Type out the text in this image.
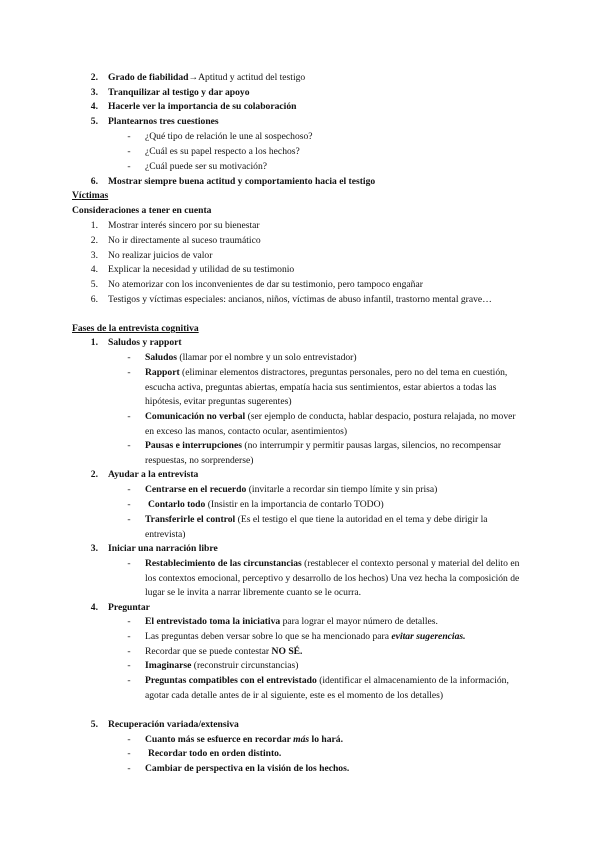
2. Grado de fiabilidad→Aptitud y actitud del testigo
3. Tranquilizar al testigo y dar apoyo
4. Hacerle ver la importancia de su colaboración
5. Plantearnos tres cuestiones
-	¿Qué tipo de relación le une al sospechoso?
-	¿Cuál es su papel respecto a los hechos?
-	¿Cuál puede ser su motivación?
6. Mostrar siempre buena actitud y comportamiento hacia el testigo
Víctimas
Consideraciones a tener en cuenta
1. Mostrar interés sincero por su bienestar
2. No ir directamente al suceso traumático
3. No realizar juicios de valor
4. Explicar la necesidad y utilidad de su testimonio
5. No atemorizar con los inconvenientes de dar su testimonio, pero tampoco engañar
6. Testigos y víctimas especiales: ancianos, niños, víctimas de abuso infantil, trastorno mental grave…
Fases de la entrevista cognitiva
1. Saludos y rapport
-	Saludos (llamar por el nombre y un solo entrevistador)
-	Rapport (eliminar elementos distractores, preguntas personales, pero no del tema en cuestión, escucha activa, preguntas abiertas, empatía hacia sus sentimientos, estar abiertos a todas las hipótesis, evitar preguntas sugerentes)
-	Comunicación no verbal (ser ejemplo de conducta, hablar despacio, postura relajada, no mover en exceso las manos, contacto ocular, asentimientos)
-	Pausas e interrupciones (no interrumpir y permitir pausas largas, silencios, no recompensar respuestas, no sorprenderse)
2. Ayudar a la entrevista
-	Centrarse en el recuerdo (invitarle a recordar sin tiempo límite y sin prisa)
-	Contarlo todo (Insistir en la importancia de contarlo TODO)
-	Transferirle el control (Es el testigo el que tiene la autoridad en el tema y debe dirigir la entrevista)
3. Iniciar una narración libre
-	Restablecimiento de las circunstancias (restablecer el contexto personal y material del delito en los contextos emocional, perceptivo y desarrollo de los hechos) Una vez hecha la composición de lugar se le invita a narrar libremente cuanto se le ocurra.
4. Preguntar
-	El entrevistado toma la iniciativa para lograr el mayor número de detalles.
-	Las preguntas deben versar sobre lo que se ha mencionado para evitar sugerencias.
-	Recordar que se puede contestar NO SÉ.
-	Imaginarse (reconstruir circunstancias)
-	Preguntas compatibles con el entrevistado (identificar el almacenamiento de la información, agotar cada detalle antes de ir al siguiente, este es el momento de los detalles)
5. Recuperación variada/extensiva
-	Cuanto más se esfuerce en recordar más lo hará.
-	Recordar todo en orden distinto.
-	Cambiar de perspectiva en la visión de los hechos.
